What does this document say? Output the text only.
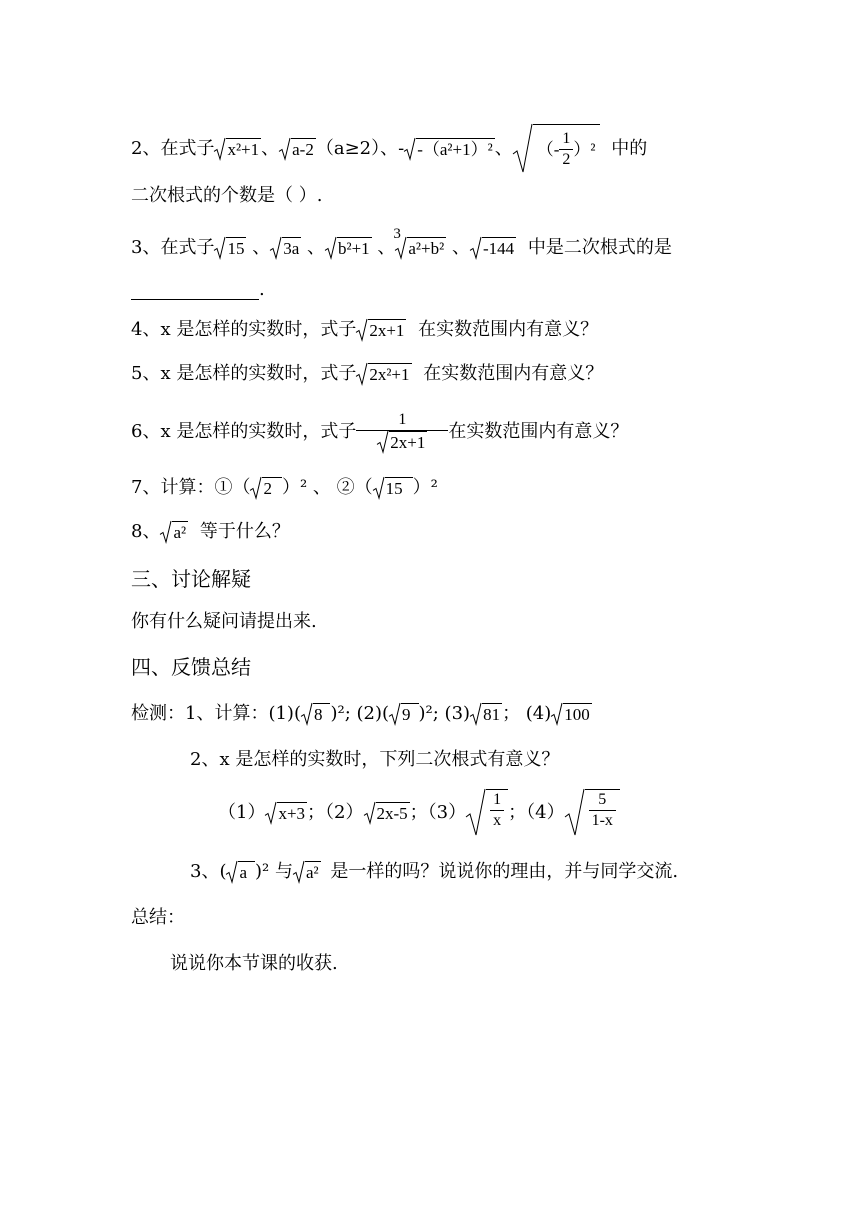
2、在式子 x²+1 、 a-2 （a≥2）、- -（a²+1）² 、 （- $\frac{1}{2} )^2$ 中的
二次根式的个数是（ ）.
3、在式子 15 、 3a 、 b²+1 、
3
a²+b² 、 -144 中是二次根式的是
.
4、x 是怎样的实数时，式子 2x+1 在实数范围内有意义？
5、x 是怎样的实数时，式子 2x²+1 在实数范围内有意义？
6、x 是怎样的实数时，式子 $\frac{1}{2x+1}$ 在实数范围内有意义？
7、计算：①（ 2 ）² 、 ②（ 15 ）²
8、 a² 等于什么？
三、讨论解疑
你有什么疑问请提出来.
四、反馈总结
检测：1、计算：(1)( 8 )²; (2)( 9 )²; (3) 81 ； (4) 100
2、x 是怎样的实数时，下列二次根式有意义？
（1） x+3 ；（2） 2x-5 ；$(3) \frac{1}{x}$ ；$(4) \frac{5}{1-x}$
3、( a )² 与 a² 是一样的吗？说说你的理由，并与同学交流.
总结：
说说你本节课的收获.
